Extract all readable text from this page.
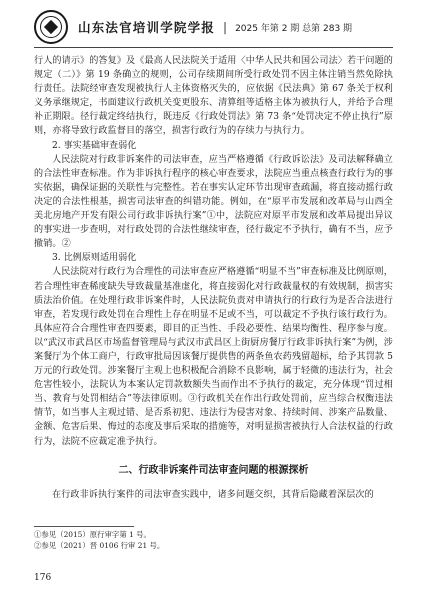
山东法官培训学院学报 | 2025 年第 2 期 总第 283 期

行人的请示》的答复》及《最高人民法院关于适用〈中华人民共和国公司法〉若干问题的规定（二）》第 19 条确立的规则，公司存续期间所受行政处罚不因主体注销当然免除执行责任。法院经审查发现被执行人主体资格灭失的，应依据《民法典》第 67 条关于权利义务承继规定，书面建议行政机关变更股东、清算组等适格主体为被执行人，并给予合理补正期限。径行裁定终结执行，既违反《行政处罚法》第 73 条“处罚决定不停止执行”原则，亦将导致行政监督目的落空，损害行政行为的存续力与执行力。

2. 事实基础审查弱化

人民法院对行政非诉案件的司法审查，应当严格遵循《行政诉讼法》及司法解释确立的合法性审查标准。作为非诉执行程序的核心审查要求，法院应当重点核查行政行为的事实依据，确保证据的关联性与完整性。若在事实认定环节出现审查疏漏，将直接动摇行政决定的合法性根基，损害司法审查的纠错功能。例如，在“原平市发展和改革局与山西全美北房地产开发有限公司行政非诉执行案”①中，法院应对原平市发展和改革局提出异议的事实进一步查明，对行政处罚的合法性继续审查，径行裁定不予执行，确有不当，应予撤销。②

3. 比例原则适用弱化

人民法院对行政行为合理性的司法审查应严格遵循“明显不当”审查标准及比例原则，若合理性审查稀度缺失导致裁量基准虚化，将直接弱化对行政裁量权的有效规制，损害实质法治价值。在处理行政非诉案件时，人民法院负责对申请执行的行政行为是否合法进行审查，若发现行政处罚在合理性上存在明显不足或不当，可以裁定不予执行该行政行为。具体应符合合理性审查四要素，即目的正当性、手段必要性、结果均衡性、程序参与度。以“武汉市武昌区市场监督管理局与武汉市武昌区上街厨房餐厅行政非诉执行案”为例，涉案餐厅为个体工商户，行政审批局因该餐厅提供售的两条鱼农药残留超标，给予其罚款 5 万元的行政处罚。涉案餐厅主观上也积极配合消除不良影响，属于轻微的违法行为，社会危害性较小，法院认为本案认定罚款数额失当而作出不予执行的裁定，充分体现“罚过相当、教育与处罚相结合”等法律原则。③行政机关在作出行政处罚前，应当综合权衡违法情节，如当事人主观过错、是否系初犯、违法行为侵害对象、持续时间、涉案产品数量、金额、危害后果、悔过的态度及事后采取的措施等，对明显损害被执行人合法权益的行政行为，法院不应裁定准予执行。

二、行政非诉案件司法审查问题的根源探析

在行政非诉执行案件的司法审查实践中，诸多问题交织，其背后隐藏着深层次的

①参见（2015）原行审字第 1 号。

②参见（2021）晋 0106 行审 21 号。

176
